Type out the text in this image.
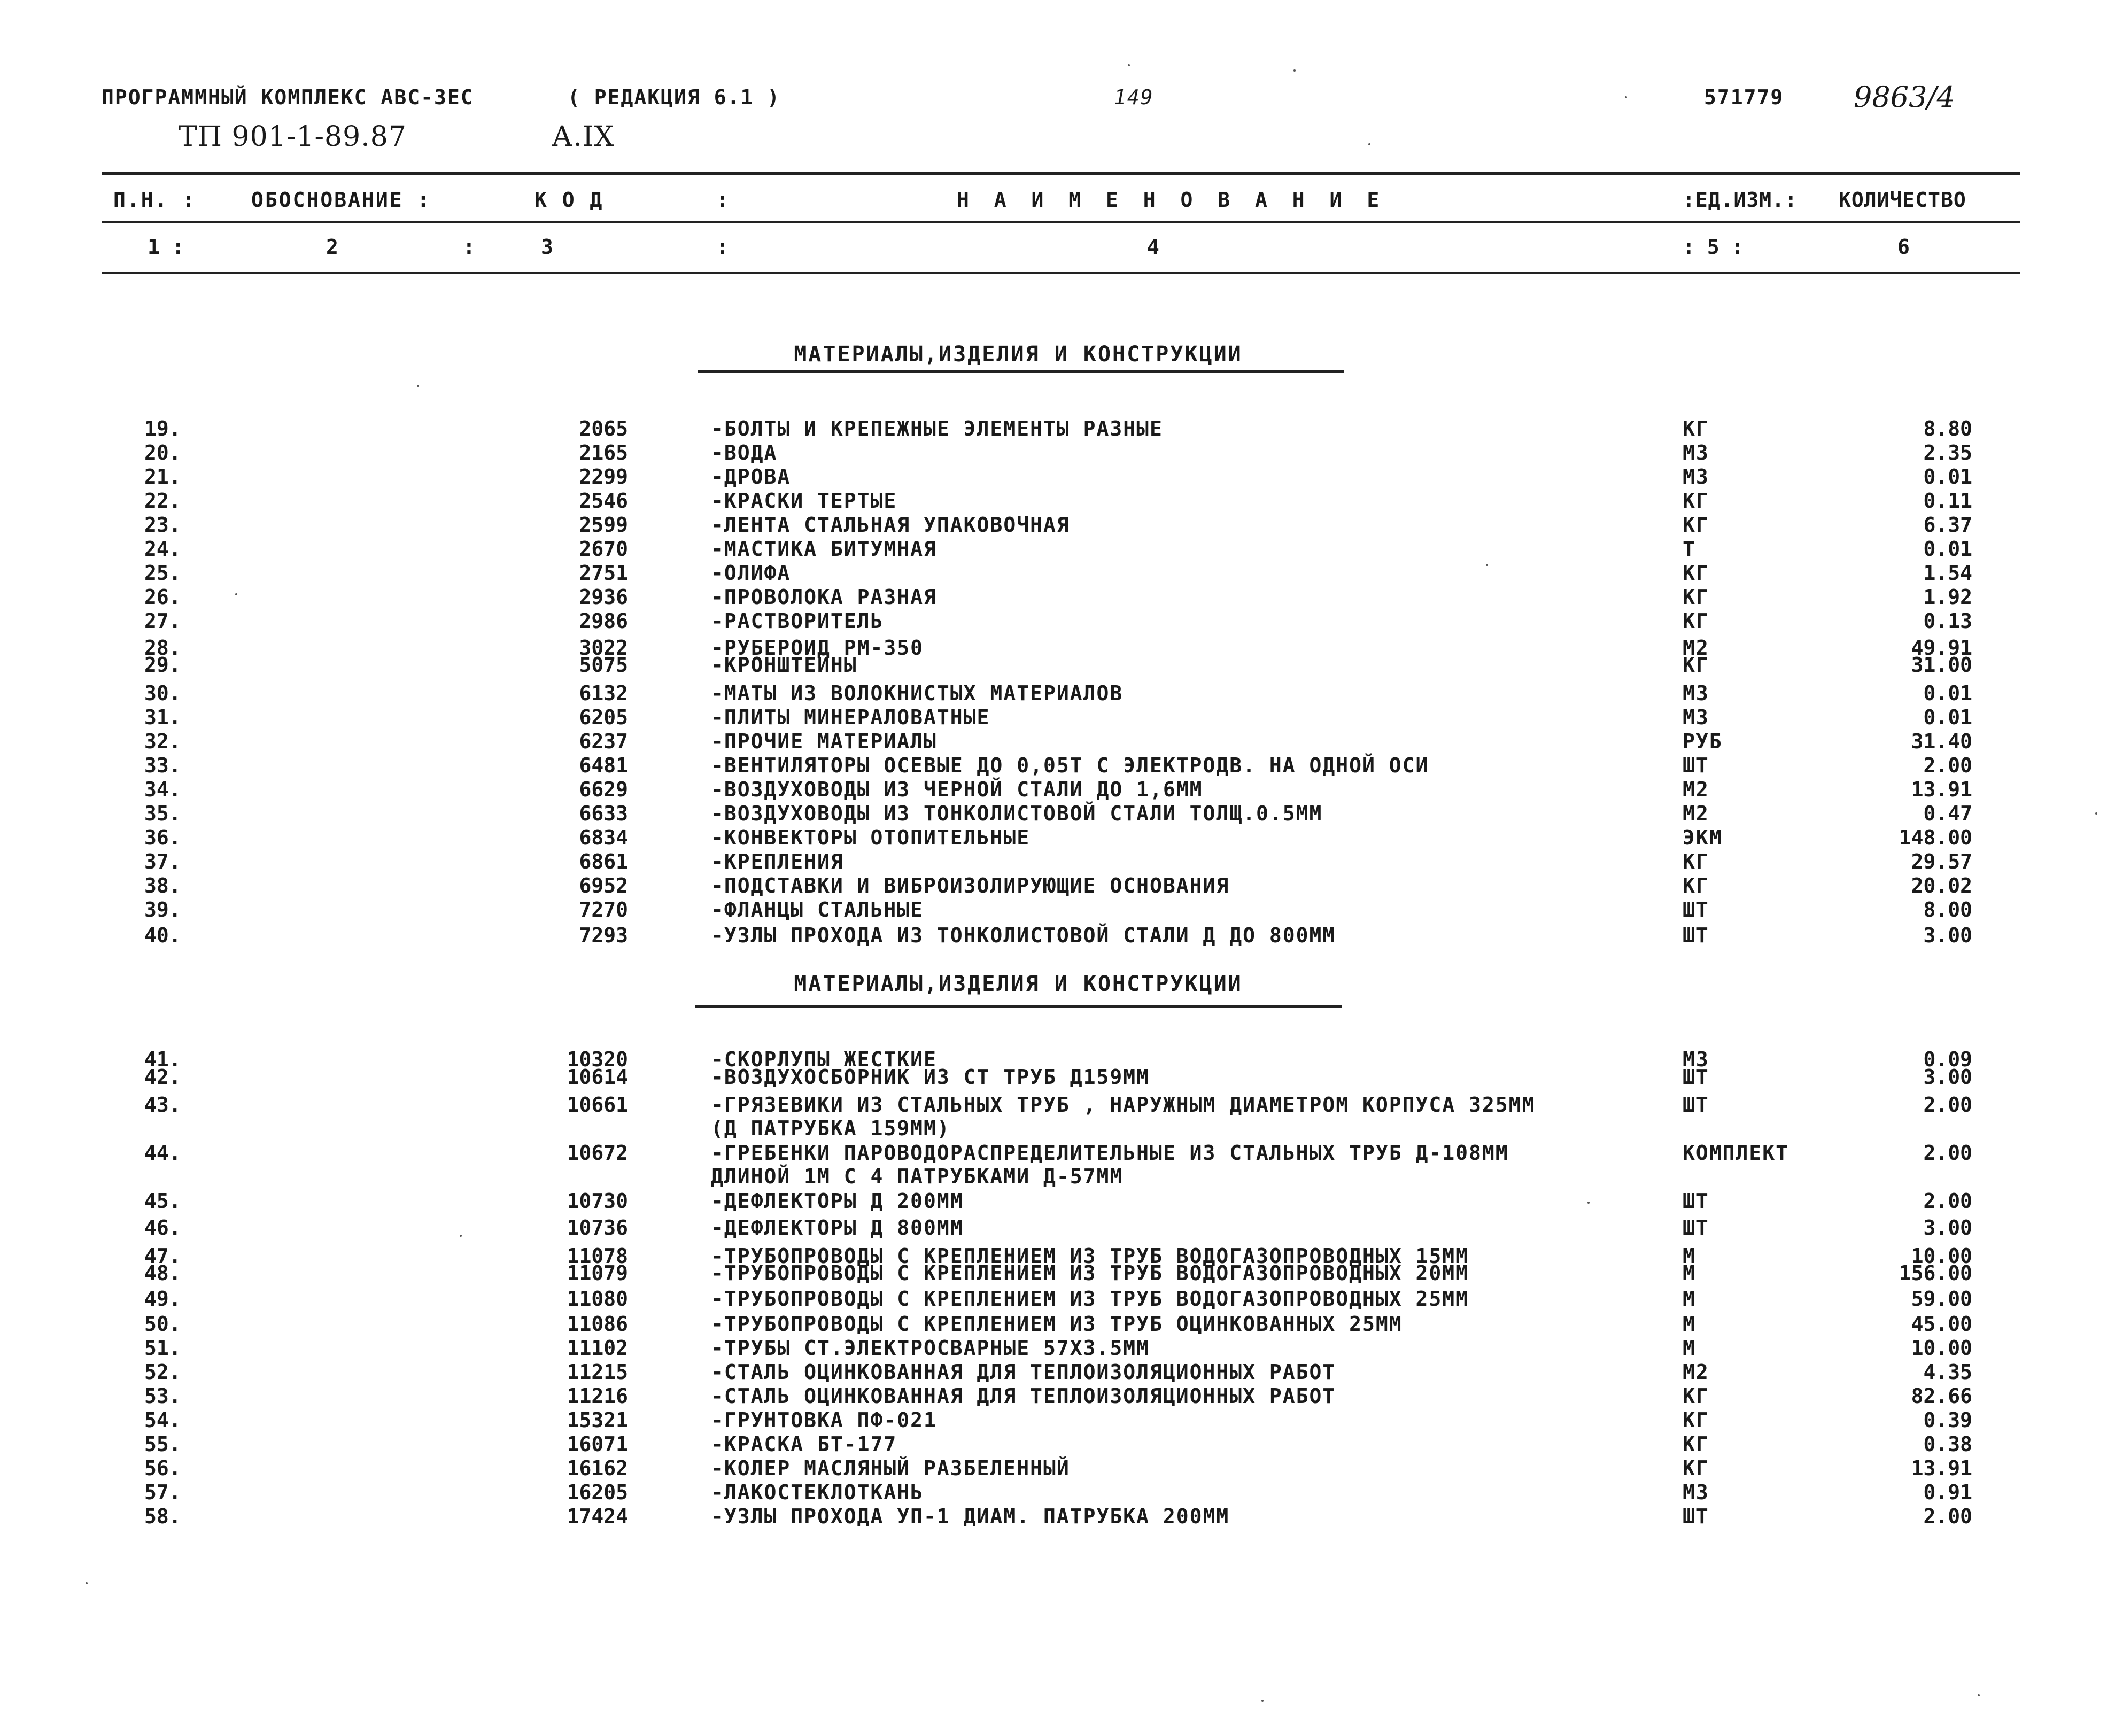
ПРОГРАММНЫЙ КОМПЛЕКС АВС-3ЕС	( РЕДАКЦИЯ 6.1 )	149	571779 9863/4
ТП 901-1-89.87	А.IX
П.Н. :	ОБОСНОВАНИЕ :	К О Д	:	Н А И М Е Н О В А Н И Е	:ЕД.ИЗМ.: КОЛИЧЕСТВО
1 :	2	:	3	:	4	: 5 :	6
МАТЕРИАЛЫ,ИЗДЕЛИЯ И КОНСТРУКЦИИ
19.	2065	-БОЛТЫ И КРЕПЕЖНЫЕ ЭЛЕМЕНТЫ РАЗНЫЕ	КГ	8.80
20.	2165	-ВОДА	М3	2.35
21.	2299	-ДРОВА	М3	0.01
22.	2546	-КРАСКИ ТЕРТЫЕ	КГ	0.11
23.	2599	-ЛЕНТА СТАЛЬНАЯ УПАКОВОЧНАЯ	КГ	6.37
24.	2670	-МАСТИКА БИТУМНАЯ	Т	0.01
25.	2751	-ОЛИФА	КГ	1.54
26.	2936	-ПРОВОЛОКА РАЗНАЯ	КГ	1.92
27.	2986	-РАСТВОРИТЕЛЬ	КГ	0.13
28.	3022	-РУБЕРОИД РМ-350	М2	49.91
29.	5075	-КРОНШТЕЙНЫ	КГ	31.00
30.	6132	-МАТЫ ИЗ ВОЛОКНИСТЫХ МАТЕРИАЛОВ	М3	0.01
31.	6205	-ПЛИТЫ МИНЕРАЛОВАТНЫЕ	М3	0.01
32.	6237	-ПРОЧИЕ МАТЕРИАЛЫ	РУБ	31.40
33.	6481	-ВЕНТИЛЯТОРЫ ОСЕВЫЕ ДО 0,05Т С ЭЛЕКТРОДВ. НА ОДНОЙ ОСИ	ШТ	2.00
34.	6629	-ВОЗДУХОВОДЫ ИЗ ЧЕРНОЙ СТАЛИ ДО 1,6ММ	М2	13.91
35.	6633	-ВОЗДУХОВОДЫ ИЗ ТОНКОЛИСТОВОЙ СТАЛИ ТОЛЩ.0.5ММ	М2	0.47
36.	6834	-КОНВЕКТОРЫ ОТОПИТЕЛЬНЫЕ	ЭКМ	148.00
37.	6861	-КРЕПЛЕНИЯ	КГ	29.57
38.	6952	-ПОДСТАВКИ И ВИБРОИЗОЛИРУЮЩИЕ ОСНОВАНИЯ	КГ	20.02
39.	7270	-ФЛАНЦЫ СТАЛЬНЫЕ	ШТ	8.00
40.	7293	-УЗЛЫ ПРОХОДА ИЗ ТОНКОЛИСТОВОЙ СТАЛИ Д ДО 800ММ	ШТ	3.00
МАТЕРИАЛЫ,ИЗДЕЛИЯ И КОНСТРУКЦИИ
41.	10320	-СКОРЛУПЫ ЖЕСТКИЕ	М3	0.09
42.	10614	-ВОЗДУХОСБОРНИК ИЗ СТ ТРУБ Д159ММ	ШТ	3.00
43.	10661	-ГРЯЗЕВИКИ ИЗ СТАЛЬНЫХ ТРУБ , НАРУЖНЫМ ДИАМЕТРОМ КОРПУСА 325ММ	ШТ	2.00
(Д ПАТРУБКА 159ММ)
44.	10672	-ГРЕБЕНКИ ПАРОВОДОРАСПРЕДЕЛИТЕЛЬНЫЕ ИЗ СТАЛЬНЫХ ТРУБ Д-108ММ	КОМПЛЕКТ	2.00
ДЛИНОЙ 1М С 4 ПАТРУБКАМИ Д-57ММ
45.	10730	-ДЕФЛЕКТОРЫ Д 200ММ	ШТ	2.00
46.	10736	-ДЕФЛЕКТОРЫ Д 800ММ	ШТ	3.00
47.	11078	-ТРУБОПРОВОДЫ С КРЕПЛЕНИЕМ ИЗ ТРУБ ВОДОГАЗОПРОВОДНЫХ 15ММ	М	10.00
48.	11079	-ТРУБОПРОВОДЫ С КРЕПЛЕНИЕМ ИЗ ТРУБ ВОДОГАЗОПРОВОДНЫХ 20ММ	М	156.00
49.	11080	-ТРУБОПРОВОДЫ С КРЕПЛЕНИЕМ ИЗ ТРУБ ВОДОГАЗОПРОВОДНЫХ 25ММ	М	59.00
50.	11086	-ТРУБОПРОВОДЫ С КРЕПЛЕНИЕМ ИЗ ТРУБ ОЦИНКОВАННЫХ 25ММ	М	45.00
51.	11102	-ТРУБЫ СТ.ЭЛЕКТРОСВАРНЫЕ 57Х3.5ММ	М	10.00
52.	11215	-СТАЛЬ ОЦИНКОВАННАЯ ДЛЯ ТЕПЛОИЗОЛЯЦИОННЫХ РАБОТ	М2	4.35
53.	11216	-СТАЛЬ ОЦИНКОВАННАЯ ДЛЯ ТЕПЛОИЗОЛЯЦИОННЫХ РАБОТ	КГ	82.66
54.	15321	-ГРУНТОВКА ПФ-021	КГ	0.39
55.	16071	-КРАСКА БТ-177	КГ	0.38
56.	16162	-КОЛЕР МАСЛЯНЫЙ РАЗБЕЛЕННЫЙ	КГ	13.91
57.	16205	-ЛАКОСТЕКЛОТКАНЬ	М3	0.91
58.	17424	-УЗЛЫ ПРОХОДА УП-1 ДИАМ. ПАТРУБКА 200ММ	ШТ	2.00
